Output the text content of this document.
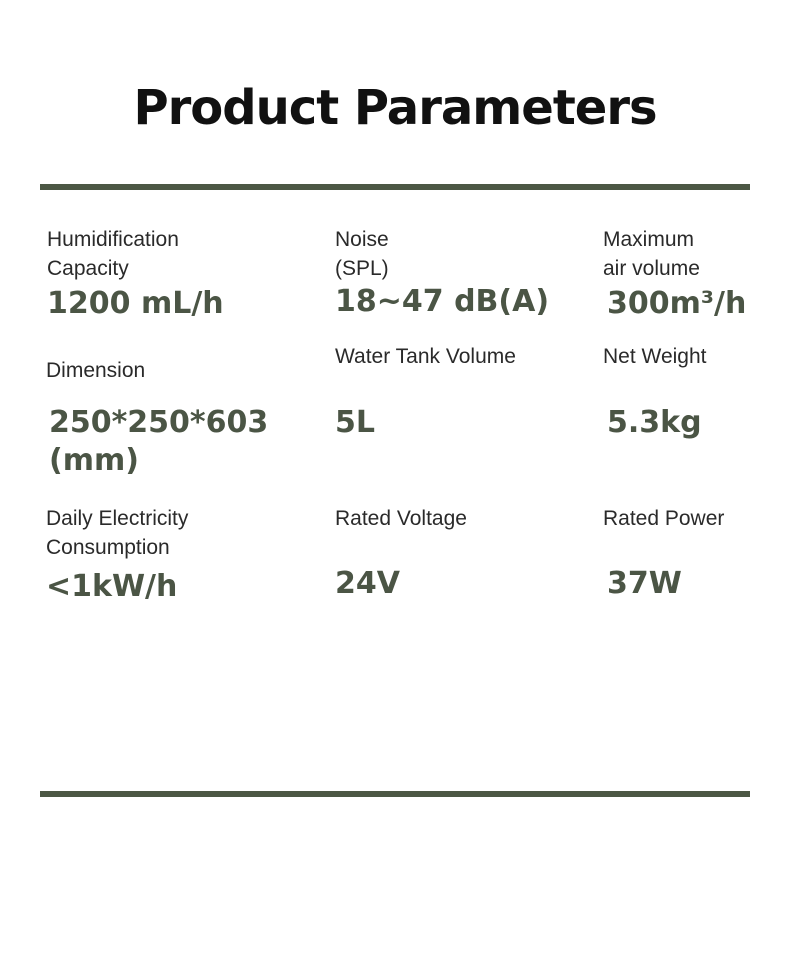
Product Parameters
Humidification
Capacity
1200 mL/h
Noise
(SPL)
18~47 dB(A)
Maximum
air volume
300m³/h
Dimension
250*250*603
(mm)
Water Tank Volume
5L
Net Weight
5.3kg
Daily Electricity
Consumption
<1kW/h
Rated Voltage
24V
Rated Power
37W
